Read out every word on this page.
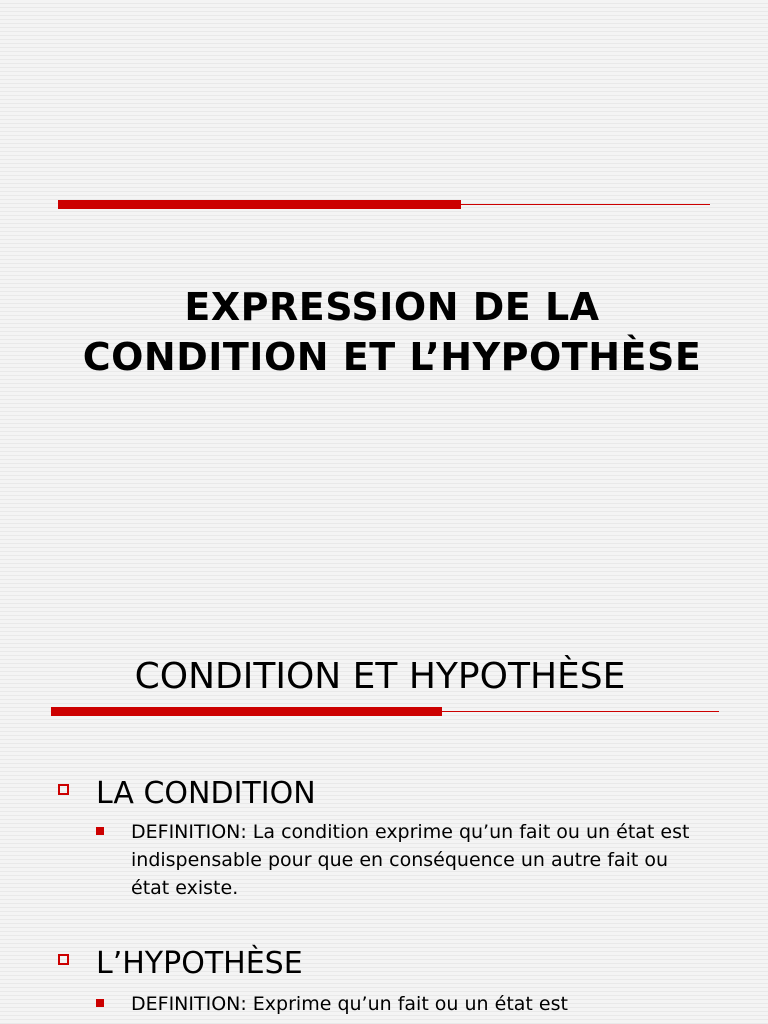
EXPRESSION DE LA
CONDITION ET L’HYPOTHÈSE
CONDITION ET HYPOTHÈSE
LA CONDITION
DEFINITION: La condition exprime qu’un fait ou un état est indispensable pour que en conséquence un autre fait ou état existe.
L’HYPOTHÈSE
DEFINITION: Exprime qu’un fait ou un état est
